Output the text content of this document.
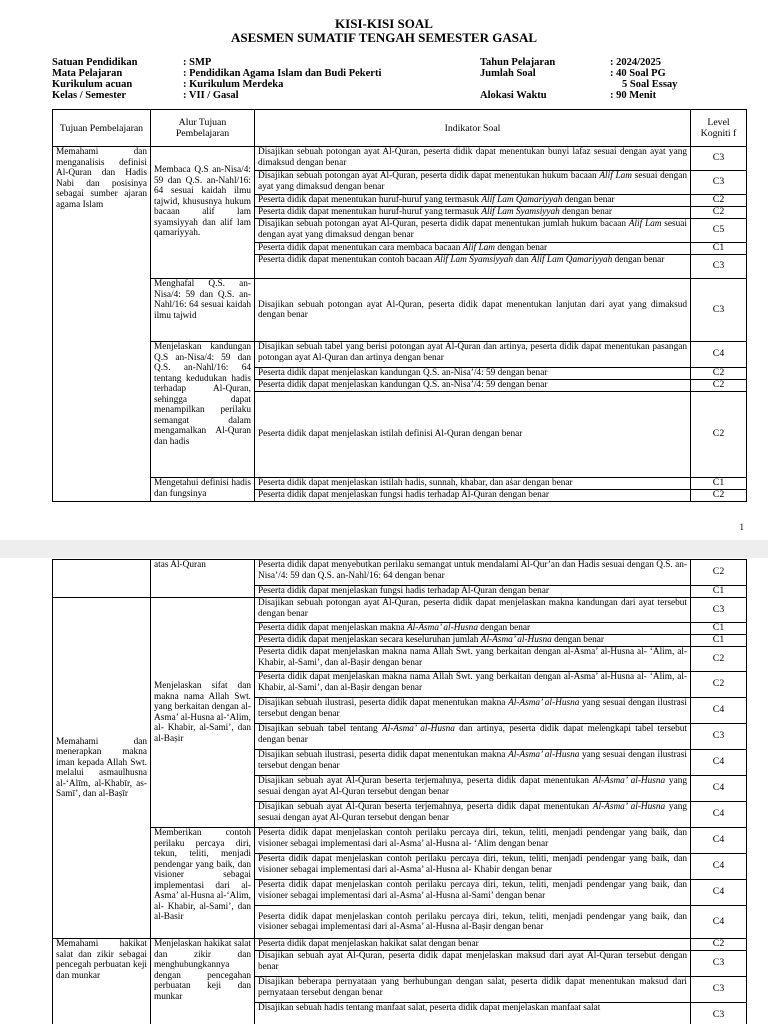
KISI-KISI SOAL
ASESMEN SUMATIF TENGAH SEMESTER GASAL
Satuan Pendidikan	: SMP	Tahun Pelajaran	: 2024/2025
Mata Pelajaran	: Pendidikan Agama Islam dan Budi Pekerti	Jumlah Soal	: 40 Soal PG
Kurikulum acuan	: Kurikulum Merdeka	5 Soal Essay
Kelas / Semester	: VII / Gasal	Alokasi Waktu	: 90 Menit
Tujuan Pembelajaran	Alur Tujuan Pembelajaran	Indikator Soal	Level Kogniti f
Memahami dan menganalisis definisi Al-Quran dan Hadis Nabi dan posisinya sebagai sumber ajaran agama Islam	Membaca Q.S an-Nisa/4: 59 dan Q.S. an-Nahl/16: 64 sesuai kaidah ilmu tajwid, khususnya hukum bacaan alif lam syamsiyyah dan alif lam qamariyyah.	Disajikan sebuah potongan ayat Al-Quran, peserta didik dapat menentukan bunyi lafaz sesuai dengan ayat yang dimaksud dengan benar	C3
		Disajikan sebuah potongan ayat Al-Quran, peserta didik dapat menentukan hukum bacaan Alif Lam sesuai dengan ayat yang dimaksud dengan benar	C3
		Peserta didik dapat menentukan huruf-huruf yang termasuk Alif Lam Qamariyyah dengan benar	C2
		Peserta didik dapat menentukan huruf-huruf yang termasuk Alif Lam Syamsiyyah dengan benar	C2
		Disajikan sebuah potongan ayat Al-Quran, peserta didik dapat menentukan jumlah hukum bacaan Alif Lam sesuai dengan ayat yang dimaksud dengan benar	C5
		Peserta didik dapat menentukan cara membaca bacaan Alif Lam dengan benar	C1
		Peserta didik dapat menentukan contoh bacaan Alif Lam Syamsiyyah dan Alif Lam Qamariyyah dengan benar	C3
	Menghafal Q.S. an-Nisa/4: 59 dan Q.S. an-Nahl/16: 64 sesuai kaidah ilmu tajwid	Disajikan sebuah potongan ayat Al-Quran, peserta didik dapat menentukan lanjutan dari ayat yang dimaksud dengan benar	C3
	Menjelaskan kandungan Q.S an-Nisa/4: 59 dan Q.S. an-Nahl/16: 64 tentang kedudukan hadis terhadap Al-Quran, sehingga dapat menampilkan perilaku semangat dalam mengamalkan Al-Quran dan hadis	Disajikan sebuah tabel yang berisi potongan ayat Al-Quran dan artinya, peserta didik dapat menentukan pasangan potongan ayat Al-Quran dan artinya dengan benar	C4
		Peserta didik dapat menjelaskan kandungan Q.S. an-Nisa’/4: 59 dengan benar	C2
		Peserta didik dapat menjelaskan kandungan Q.S. an-Nisa’/4: 59 dengan benar	C2
		Peserta didik dapat menjelaskan istilah definisi Al-Quran dengan benar	C2
	Mengetahui definisi hadis dan fungsinya	Peserta didik dapat menjelaskan istilah hadis, sunnah, khabar, dan aṡar dengan benar	C1
		Peserta didik dapat menjelaskan fungsi hadis terhadap Al-Quran dengan benar	C2
1
	atas Al-Quran	Peserta didik dapat menyebutkan perilaku semangat untuk mendalami Al-Qur’an dan Hadis sesuai dengan Q.S. an-Nisa’/4: 59 dan Q.S. an-Nahl/16: 64 dengan benar	C2
		Peserta didik dapat menjelaskan fungsi hadis terhadap Al-Quran dengan benar	C1
Memahami dan menerapkan makna iman kepada Allah Swt. melalui asmaulhusna al-‘Alīm, al-Khabīr, as-Samī’, dan al-Baṣīr	Menjelaskan sifat dan makna nama Allah Swt. yang berkaitan dengan al-Asma’ al-Husna al-‘Alim, al- Khabir, al-Sami’, dan al-Baṣir	Disajikan sebuah potongan ayat Al-Quran, peserta didik dapat menjelaskan makna kandungan dari ayat tersebut dengan benar	C3
		Peserta didik dapat menjelaskan makna Al-Asma’ al-Husna dengan benar	C1
		Peserta didik dapat menjelaskan secara keseluruhan jumlah Al-Asma’ al-Husna dengan benar	C1
		Peserta didik dapat menjelaskan makna nama Allah Swt. yang berkaitan dengan al-Asma’ al-Husna al- ‘Alim, al- Khabir, al-Sami’, dan al-Baṣir dengan benar	C2
		Peserta didik dapat menjelaskan makna nama Allah Swt. yang berkaitan dengan al-Asma’ al-Husna al- ‘Alim, al- Khabir, al-Sami’, dan al-Baṣir dengan benar	C2
		Disajikan sebuah ilustrasi, peserta didik dapat menentukan makna Al-Asma’ al-Husna yang sesuai dengan ilustrasi tersebut dengan benar	C4
		Disajikan sebuah tabel tentang Al-Asma’ al-Husna dan artinya, peserta didik dapat melengkapi tabel tersebut dengan benar	C3
		Disajikan sebuah ilustrasi, peserta didik dapat menentukan makna Al-Asma’ al-Husna yang sesuai dengan ilustrasi tersebut dengan benar	C4
		Disajikan sebuah ayat Al-Quran beserta terjemahnya, peserta didik dapat menentukan Al-Asma’ al-Husna yang sesuai dengan ayat Al-Quran tersebut dengan benar	C4
		Disajikan sebuah ayat Al-Quran beserta terjemahnya, peserta didik dapat menentukan Al-Asma’ al-Husna yang sesuai dengan ayat Al-Quran tersebut dengan benar	C4
	Memberikan contoh perilaku percaya diri, tekun, teliti, menjadi pendengar yang baik, dan visioner sebagai implementasi dari al-Asma’ al-Husna al-‘Alim, al- Khabir, al-Sami’, dan al-Basir	Peserta didik dapat menjelaskan contoh perilaku percaya diri, tekun, teliti, menjadi pendengar yang baik, dan visioner sebagai implementasi dari al-Asma’ al-Husna al- ‘Alim dengan benar	C4
		Peserta didik dapat menjelaskan contoh perilaku percaya diri, tekun, teliti, menjadi pendengar yang baik, dan visioner sebagai implementasi dari al-Asma’ al-Husna al- Khabir dengan benar	C4
		Peserta didik dapat menjelaskan contoh perilaku percaya diri, tekun, teliti, menjadi pendengar yang baik, dan visioner sebagai implementasi dari al-Asma’ al-Husna al-Sami’ dengan benar	C4
		Peserta didik dapat menjelaskan contoh perilaku percaya diri, tekun, teliti, menjadi pendengar yang baik, dan visioner sebagai implementasi dari al-Asma’ al-Husna al-Baṣir dengan benar	C4
Memahami hakikat salat dan zikir sebagai pencegah perbuatan keji dan munkar	Menjelaskan hakikat salat dan zikir dan menghubungkannya dengan pencegahan perbuatan keji dan munkar	Peserta didik dapat menjelaskan hakikat salat dengan benar	C2
		Disajikan sebuah ayat Al-Quran, peserta didik dapat menjelaskan maksud dari ayat Al-Quran tersebut dengan benar	C3
		Disajikan beberapa pernyataan yang berhubungan dengan salat, peserta didik dapat menentukan maksud dari pernyataan tersebut dengan benar	C3
		Disajikan sebuah hadis tentang manfaat salat, peserta didik dapat menjelaskan manfaat salat	C3
